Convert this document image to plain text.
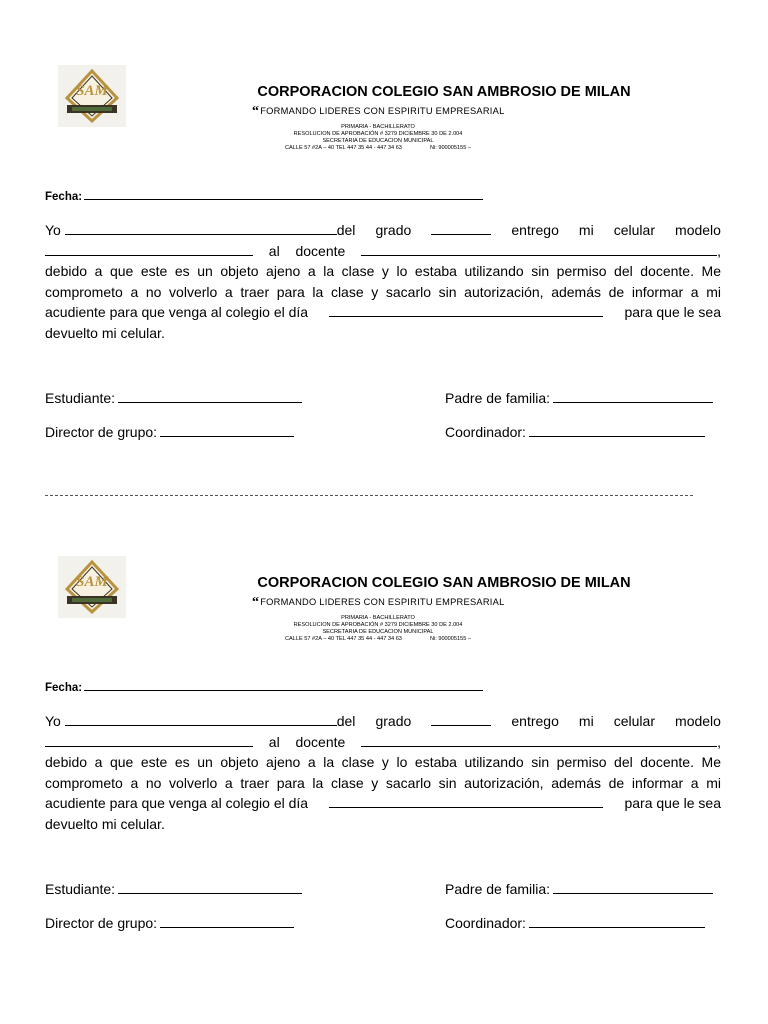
SAM	CORPORACION COLEGIO SAN AMBROSIO DE MILAN
“FORMANDO LIDERES CON ESPIRITU EMPRESARIAL
PRIMARIA - BACHILLERATO
RESOLUCION DE APROBACIÓN # 3279 DICIEMBRE 30 DE 2.004
SECRETARIA DE EDUCACION MUNICIPAL
CALLE 57 #2A – 40 TEL 447 35 44 - 447 34 63	Ni: 900005155 –
Fecha:
Yo	del grado	entrego mi celular modelo
al docente	,
debido a que este es un objeto ajeno a la clase y lo estaba utilizando sin permiso del docente. Me
comprometo a no volverlo a traer para la clase y sacarlo sin autorización, además de informar a mi
acudiente para que venga al colegio el día	para que le sea
devuelto mi celular.
Estudiante:	Padre de familia:
Director de grupo:	Coordinador:
SAM	CORPORACION COLEGIO SAN AMBROSIO DE MILAN
“FORMANDO LIDERES CON ESPIRITU EMPRESARIAL
PRIMARIA - BACHILLERATO
RESOLUCION DE APROBACIÓN # 3279 DICIEMBRE 30 DE 2.004
SECRETARIA DE EDUCACION MUNICIPAL
CALLE 57 #2A – 40 TEL 447 35 44 - 447 34 63	Ni: 900005155 –
Fecha:
Yo	del grado	entrego mi celular modelo
al docente	,
debido a que este es un objeto ajeno a la clase y lo estaba utilizando sin permiso del docente. Me
comprometo a no volverlo a traer para la clase y sacarlo sin autorización, además de informar a mi
acudiente para que venga al colegio el día	para que le sea
devuelto mi celular.
Estudiante:	Padre de familia:
Director de grupo:	Coordinador:
